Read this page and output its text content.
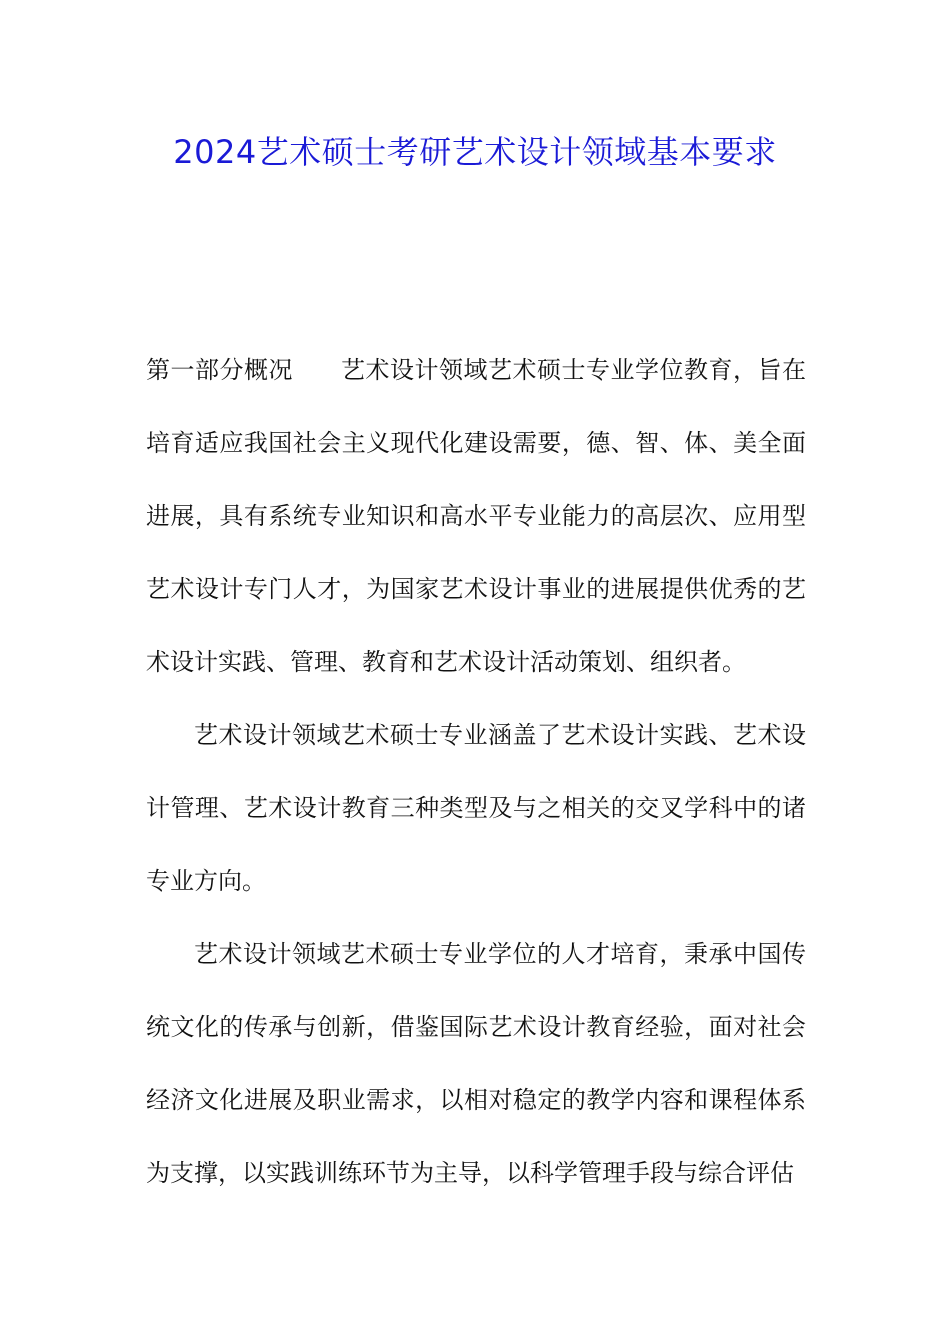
2024艺术硕士考研艺术设计领域基本要求

第一部分概况 艺术设计领域艺术硕士专业学位教育，旨在培育适应我国社会主义现代化建设需要，德、智、体、美全面进展，具有系统专业知识和高水平专业能力的高层次、应用型艺术设计专门人才，为国家艺术设计事业的进展提供优秀的艺术设计实践、管理、教育和艺术设计活动策划、组织者。

艺术设计领域艺术硕士专业涵盖了艺术设计实践、艺术设计管理、艺术设计教育三种类型及与之相关的交叉学科中的诸专业方向。

艺术设计领域艺术硕士专业学位的人才培育，秉承中国传统文化的传承与创新，借鉴国际艺术设计教育经验，面对社会经济文化进展及职业需求，以相对稳定的教学内容和课程体系为支撑，以实践训练环节为主导，以科学管理手段与综合评估
